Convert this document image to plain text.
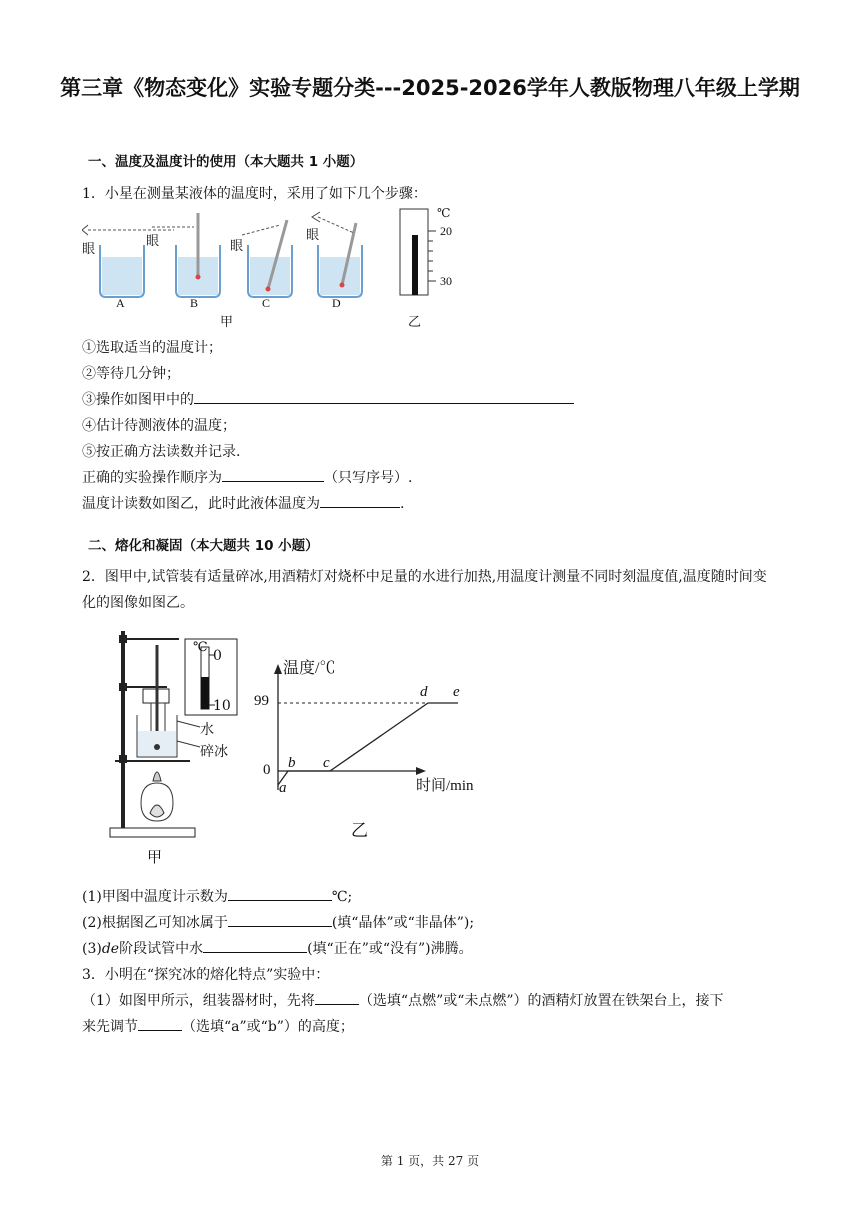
第三章《物态变化》实验专题分类---2025-2026学年人教版物理八年级上学期
一、温度及温度计的使用（本大题共 1 小题）
1．小星在测量某液体的温度时，采用了如下几个步骤：
眼
眼	眼
眼
A	B	C	D
甲
℃
20
30
乙
①选取适当的温度计；
②等待几分钟；
③操作如图甲中的
④估计待测液体的温度；
⑤按正确方法读数并记录.
正确的实验操作顺序为	（只写序号）.
温度计读数如图乙，此时此液体温度为	.
二、熔化和凝固（本大题共 10 小题）
2．图甲中,试管装有适量碎冰,用酒精灯对烧杯中足量的水进行加热,用温度计测量不同时刻温度值,温度随时间变化的图像如图乙。
℃
0
10
水
碎冰
甲
温度/℃
99
0
时间/min
a
b c
d e
乙
(1)甲图中温度计示数为	℃;
(2)根据图乙可知冰属于	(填“晶体”或“非晶体”);
(3)de阶段试管中水	(填“正在”或“没有”)沸腾。
3．小明在“探究冰的熔化特点”实验中：
（1）如图甲所示，组装器材时，先将	（选填“点燃”或“未点燃”）的酒精灯放置在铁架台上，接下
来先调节	（选填“a”或“b”）的高度；
第 1 页，共 27 页
